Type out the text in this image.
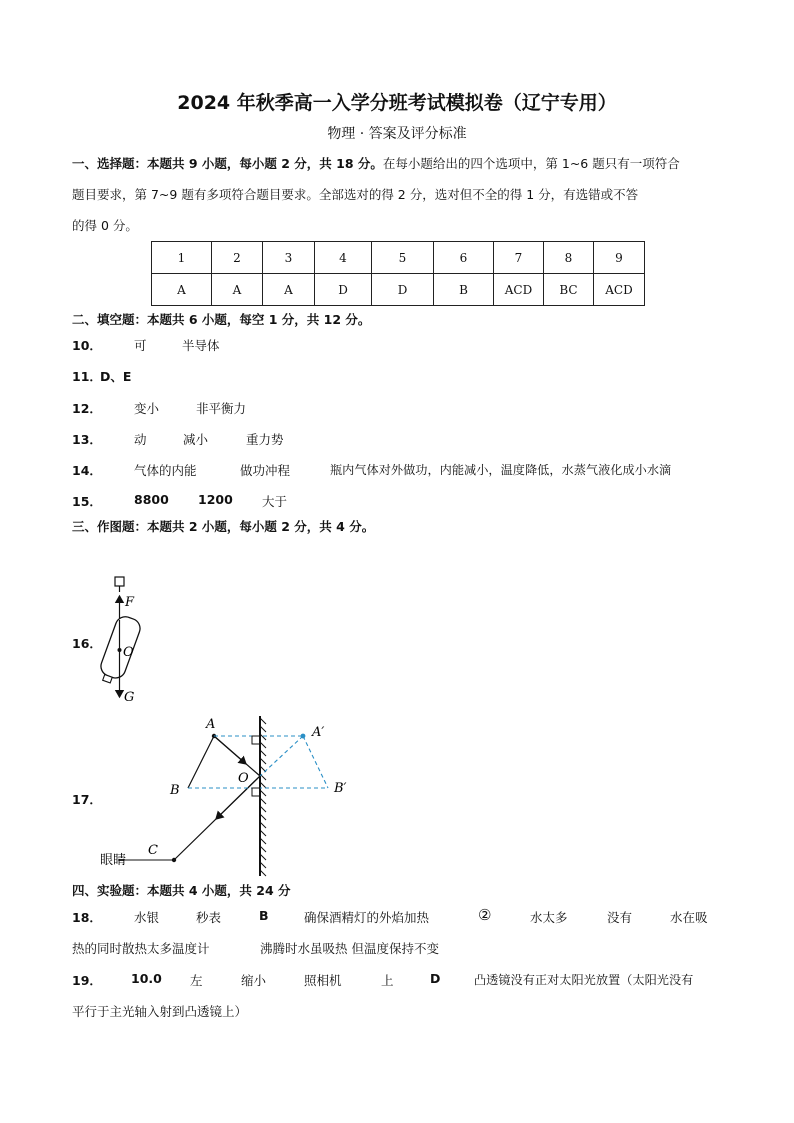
2024 年秋季高一入学分班考试模拟卷（辽宁专用）
物理 · 答案及评分标准
一、选择题：本题共 9 小题，每小题 2 分，共 18 分。在每小题给出的四个选项中，第 1~6 题只有一项符合
题目要求，第 7~9 题有多项符合题目要求。全部选对的得 2 分，选对但不全的得 1 分，有选错或不答
的得 0 分。
1	2	3	4	5	6	7	8	9
A	A	A	D	D	B	ACD	BC	ACD
二、填空题：本题共 6 小题，每空 1 分，共 12 分。
10．	可	半导体
11．
D、E
12．	变小	非平衡力
13．	动	减小	重力势
14．	气体的内能	做功冲程	瓶内气体对外做功，内能减小，温度降低，水蒸气液化成小水滴
15．	8800 1200 大于
三、作图题：本题共 2 小题，每小题 2 分，共 4 分。
16．
F
O
G
17．
A
A′
B	B′
O
C
眼睛
四、实验题：本题共 4 小题，共 24 分
18．	水银	秒表	B	确保酒精灯的外焰加热	②	水太多	没有	水在吸
热的同时散热太多温度计	沸腾时水虽吸热 但温度保持不变
19． 10.0 左	缩小	照相机	上	D	凸透镜没有正对太阳光放置（太阳光没有
平行于主光轴入射到凸透镜上）
